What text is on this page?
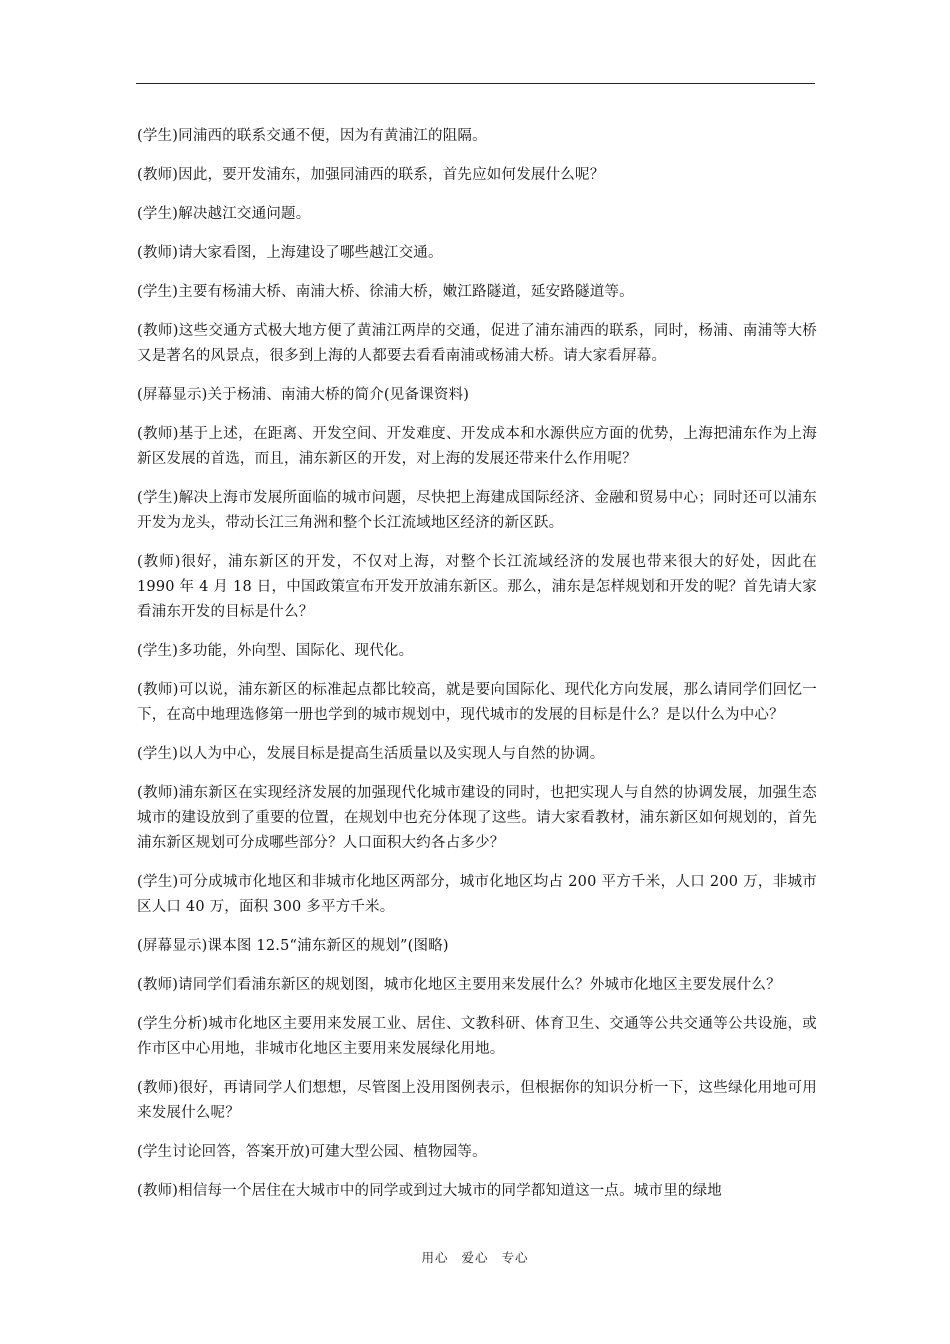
(学生)同浦西的联系交通不便，因为有黄浦江的阻隔。

(教师)因此，要开发浦东，加强同浦西的联系，首先应如何发展什么呢？

(学生)解决越江交通问题。

(教师)请大家看图，上海建设了哪些越江交通。

(学生)主要有杨浦大桥、南浦大桥、徐浦大桥，嫩江路隧道，延安路隧道等。

(教师)这些交通方式极大地方便了黄浦江两岸的交通，促进了浦东浦西的联系，同时，杨浦、南浦等大桥又是著名的风景点，很多到上海的人都要去看看南浦或杨浦大桥。请大家看屏幕。

(屏幕显示)关于杨浦、南浦大桥的简介(见备课资料)

(教师)基于上述，在距离、开发空间、开发难度、开发成本和水源供应方面的优势，上海把浦东作为上海新区发展的首选，而且，浦东新区的开发，对上海的发展还带来什么作用呢？

(学生)解决上海市发展所面临的城市问题，尽快把上海建成国际经济、金融和贸易中心；同时还可以浦东开发为龙头，带动长江三角洲和整个长江流域地区经济的新区跃。

(教师)很好，浦东新区的开发，不仅对上海，对整个长江流域经济的发展也带来很大的好处，因此在 1990 年 4 月 18 日，中国政策宣布开发开放浦东新区。那么，浦东是怎样规划和开发的呢？首先请大家看浦东开发的目标是什么？

(学生)多功能，外向型、国际化、现代化。

(教师)可以说，浦东新区的标准起点都比较高，就是要向国际化、现代化方向发展，那么请同学们回忆一下，在高中地理选修第一册也学到的城市规划中，现代城市的发展的目标是什么？是以什么为中心？

(学生)以人为中心，发展目标是提高生活质量以及实现人与自然的协调。

(教师)浦东新区在实现经济发展的加强现代化城市建设的同时，也把实现人与自然的协调发展，加强生态城市的建设放到了重要的位置，在规划中也充分体现了这些。请大家看教材，浦东新区如何规划的，首先浦东新区规划可分成哪些部分？人口面积大约各占多少？

(学生)可分成城市化地区和非城市化地区两部分，城市化地区均占 200 平方千米，人口 200 万，非城市区人口 40 万，面积 300 多平方千米。

(屏幕显示)课本图 12.5“浦东新区的规划”(图略)

(教师)请同学们看浦东新区的规划图，城市化地区主要用来发展什么？外城市化地区主要发展什么？

(学生分析)城市化地区主要用来发展工业、居住、文教科研、体育卫生、交通等公共交通等公共设施，或作市区中心用地，非城市化地区主要用来发展绿化用地。

(教师)很好，再请同学人们想想，尽管图上没用图例表示，但根据你的知识分析一下，这些绿化用地可用来发展什么呢？

(学生讨论回答，答案开放)可建大型公园、植物园等。

(教师)相信每一个居住在大城市中的同学或到过大城市的同学都知道这一点。城市里的绿地

用心 爱心 专心
